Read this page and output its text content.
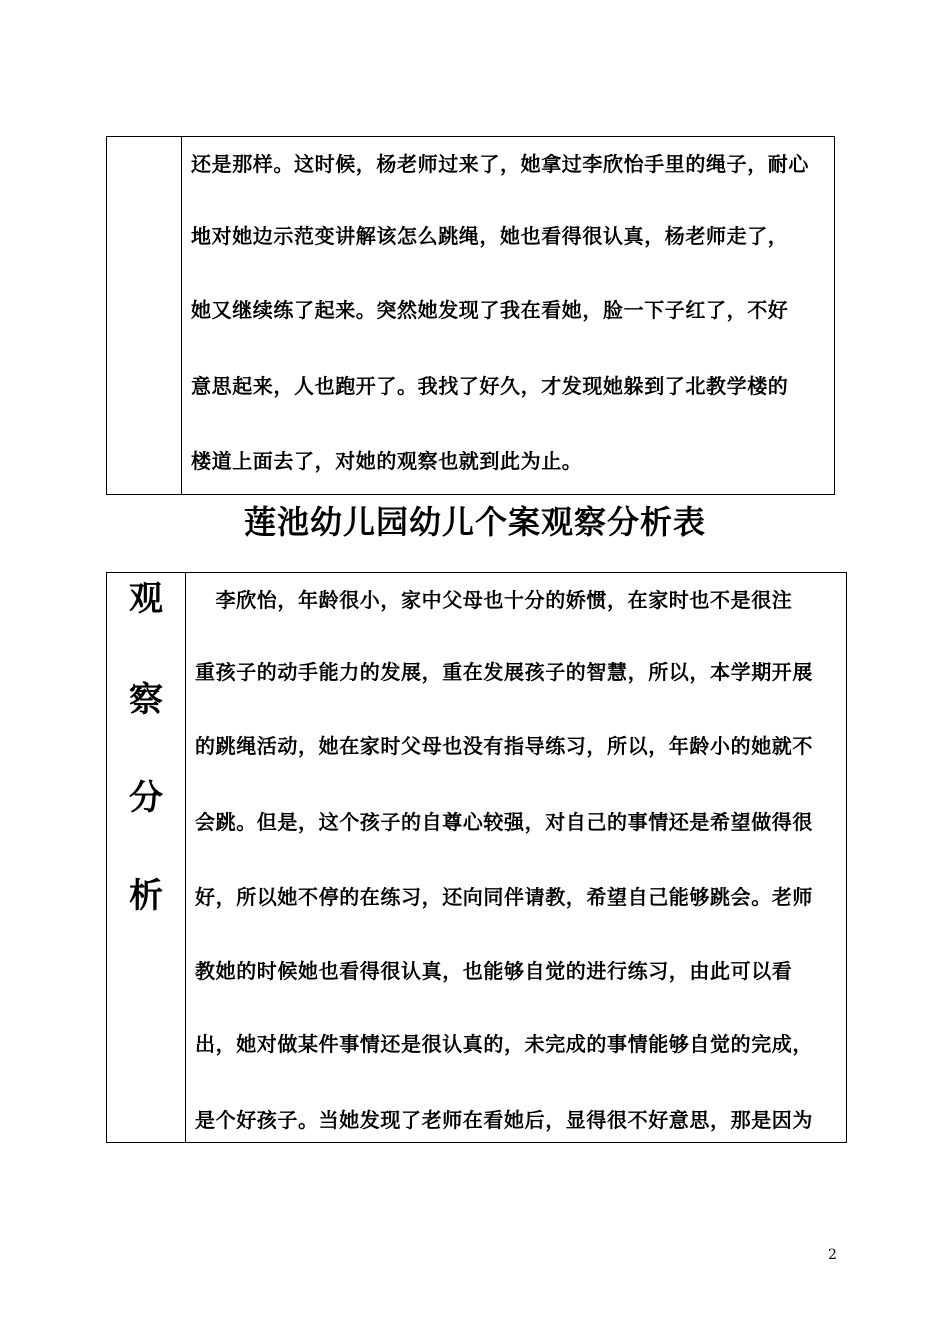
还是那样。这时候，杨老师过来了，她拿过李欣怡手里的绳子，耐心
地对她边示范变讲解该怎么跳绳，她也看得很认真，杨老师走了，
她又继续练了起来。突然她发现了我在看她，脸一下子红了，不好
意思起来，人也跑开了。我找了好久，才发现她躲到了北教学楼的
楼道上面去了，对她的观察也就到此为止。
莲池幼儿园幼儿个案观察分析表
观
察
分
析
　李欣怡，年龄很小，家中父母也十分的娇惯，在家时也不是很注
重孩子的动手能力的发展，重在发展孩子的智慧，所以，本学期开展
的跳绳活动，她在家时父母也没有指导练习，所以，年龄小的她就不
会跳。但是，这个孩子的自尊心较强，对自己的事情还是希望做得很
好，所以她不停的在练习，还向同伴请教，希望自己能够跳会。老师
教她的时候她也看得很认真，也能够自觉的进行练习，由此可以看
出，她对做某件事情还是很认真的，未完成的事情能够自觉的完成，
是个好孩子。当她发现了老师在看她后，显得很不好意思，那是因为
2
